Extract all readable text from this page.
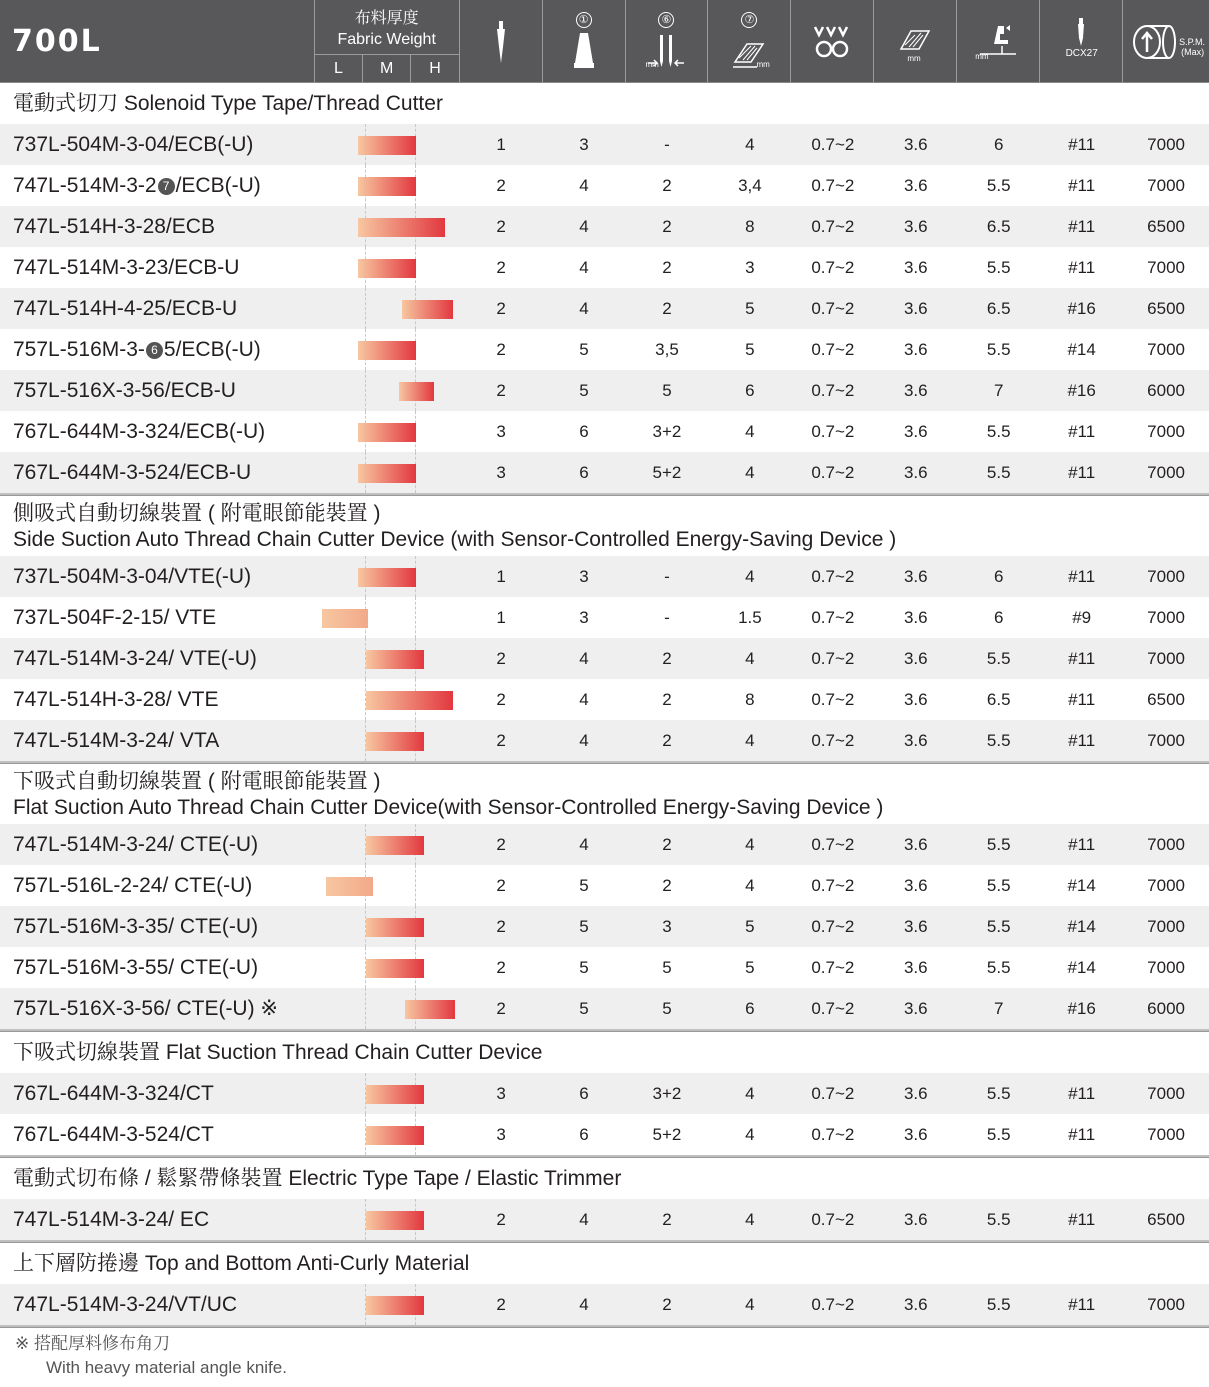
700L
布料厚度
Fabric Weight
L	M	H
①	⑥
mm
⑦
mm
mm	mm	DCX27
S.P.M.
(Max)
電動式切刀 Solenoid Type Tape/Thread Cutter
737L-504M-3-04/ECB(-U)	1	3	-	4	0.7~2	3.6	6	#11	7000
747L-514M-3-2 7 /ECB(-U)	2	4	2	3,4	0.7~2	3.6	5.5	#11	7000
747L-514H-3-28/ECB	2	4	2	8	0.7~2	3.6	6.5	#11	6500
747L-514M-3-23/ECB-U	2	4	2	3	0.7~2	3.6	5.5	#11	7000
747L-514H-4-25/ECB-U	2	4	2	5	0.7~2	3.6	6.5	#16	6500
757L-516M-3- 6 5/ECB(-U)	2	5	3,5	5	0.7~2	3.6	5.5	#14	7000
757L-516X-3-56/ECB-U	2	5	5	6	0.7~2	3.6	7	#16	6000
767L-644M-3-324/ECB(-U)	3	6	3+2	4	0.7~2	3.6	5.5	#11	7000
767L-644M-3-524/ECB-U	3	6	5+2	4	0.7~2	3.6	5.5	#11	7000
側吸式自動切線裝置 ( 附電眼節能裝置 )
Side Suction Auto Thread Chain Cutter Device (with Sensor-Controlled Energy-Saving Device )
737L-504M-3-04/VTE(-U)	1	3	-	4	0.7~2	3.6	6	#11	7000
737L-504F-2-15/ VTE	1	3	-	1.5	0.7~2	3.6	6	#9	7000
747L-514M-3-24/ VTE(-U)	2	4	2	4	0.7~2	3.6	5.5	#11	7000
747L-514H-3-28/ VTE	2	4	2	8	0.7~2	3.6	6.5	#11	6500
747L-514M-3-24/ VTA	2	4	2	4	0.7~2	3.6	5.5	#11	7000
下吸式自動切線裝置 ( 附電眼節能裝置 )
Flat Suction Auto Thread Chain Cutter Device(with Sensor-Controlled Energy-Saving Device )
747L-514M-3-24/ CTE(-U)	2	4	2	4	0.7~2	3.6	5.5	#11	7000
757L-516L-2-24/ CTE(-U)	2	5	2	4	0.7~2	3.6	5.5	#14	7000
757L-516M-3-35/ CTE(-U)	2	5	3	5	0.7~2	3.6	5.5	#14	7000
757L-516M-3-55/ CTE(-U)	2	5	5	5	0.7~2	3.6	5.5	#14	7000
757L-516X-3-56/ CTE(-U) ※	2	5	5	6	0.7~2	3.6	7	#16	6000
下吸式切線裝置 Flat Suction Thread Chain Cutter Device
767L-644M-3-324/CT	3	6	3+2	4	0.7~2	3.6	5.5	#11	7000
767L-644M-3-524/CT	3	6	5+2	4	0.7~2	3.6	5.5	#11	7000
電動式切布條 / 鬆緊帶條裝置 Electric Type Tape / Elastic Trimmer
747L-514M-3-24/ EC	2	4	2	4	0.7~2	3.6	5.5	#11	6500
上下層防捲邊 Top and Bottom Anti-Curly Material
747L-514M-3-24/VT/UC	2	4	2	4	0.7~2	3.6	5.5	#11	7000
※ 搭配厚料修布角刀
With heavy material angle knife.
